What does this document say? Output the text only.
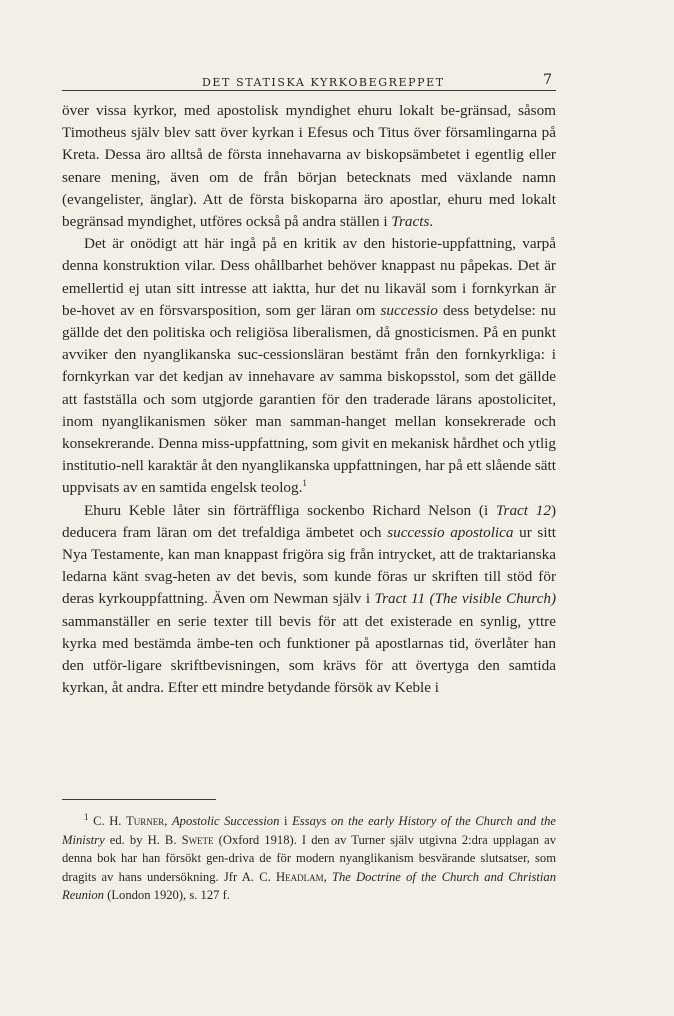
DET STATISKA KYRKOBEGREPPET	7

över vissa kyrkor, med apostolisk myndighet ehuru lokalt be-gränsad, såsom Timotheus själv blev satt över kyrkan i Efesus och Titus över församlingarna på Kreta. Dessa äro alltså de första innehavarna av biskopsämbetet i egentlig eller senare mening, även om de från början betecknats med växlande namn (evangelister, änglar). Att de första biskoparna äro apostlar, ehuru med lokalt begränsad myndighet, utföres också på andra ställen i Tracts.

Det är onödigt att här ingå på en kritik av den historie-uppfattning, varpå denna konstruktion vilar. Dess ohållbarhet behöver knappast nu påpekas. Det är emellertid ej utan sitt intresse att iaktta, hur det nu likaväl som i fornkyrkan är be-hovet av en försvarsposition, som ger läran om successio dess betydelse: nu gällde det den politiska och religiösa liberalismen, då gnosticismen. På en punkt avviker den nyanglikanska suc-cessionsläran bestämt från den fornkyrkliga: i fornkyrkan var det kedjan av innehavare av samma biskopsstol, som det gällde att fastställa och som utgjorde garantien för den traderade lärans apostolicitet, inom nyanglikanismen söker man samman-hanget mellan konsekrerade och konsekrerande. Denna miss-uppfattning, som givit en mekanisk hårdhet och ytlig institutio-nell karaktär åt den nyanglikanska uppfattningen, har på ett slående sätt uppvisats av en samtida engelsk teolog.$^1$

Ehuru Keble låter sin förträffliga sockenbo Richard Nelson (i Tract 12) deducera fram läran om det trefaldiga ämbetet och successio apostolica ur sitt Nya Testamente, kan man knappast frigöra sig från intrycket, att de traktarianska ledarna känt svag-heten av det bevis, som kunde föras ur skriften till stöd för deras kyrkouppfattning. Även om Newman själv i Tract 11 (The visible Church) sammanställer en serie texter till bevis för att det existerade en synlig, yttre kyrka med bestämda ämbe-ten och funktioner på apostlarnas tid, överlåter han den utför-ligare skriftbevisningen, som krävs för att övertyga den samtida kyrkan, åt andra. Efter ett mindre betydande försök av Keble i

$^1$ C. H. Turner, Apostolic Succession i Essays on the early History of the Church and the Ministry ed. by H. B. Swete (Oxford 1918). I den av Turner själv utgivna 2:dra upplagan av denna bok har han försökt gen-driva de för modern nyanglikanism besvärande slutsatser, som dragits av hans undersökning. Jfr A. C. Headlam, The Doctrine of the Church and Christian Reunion (London 1920), s. 127 f.
